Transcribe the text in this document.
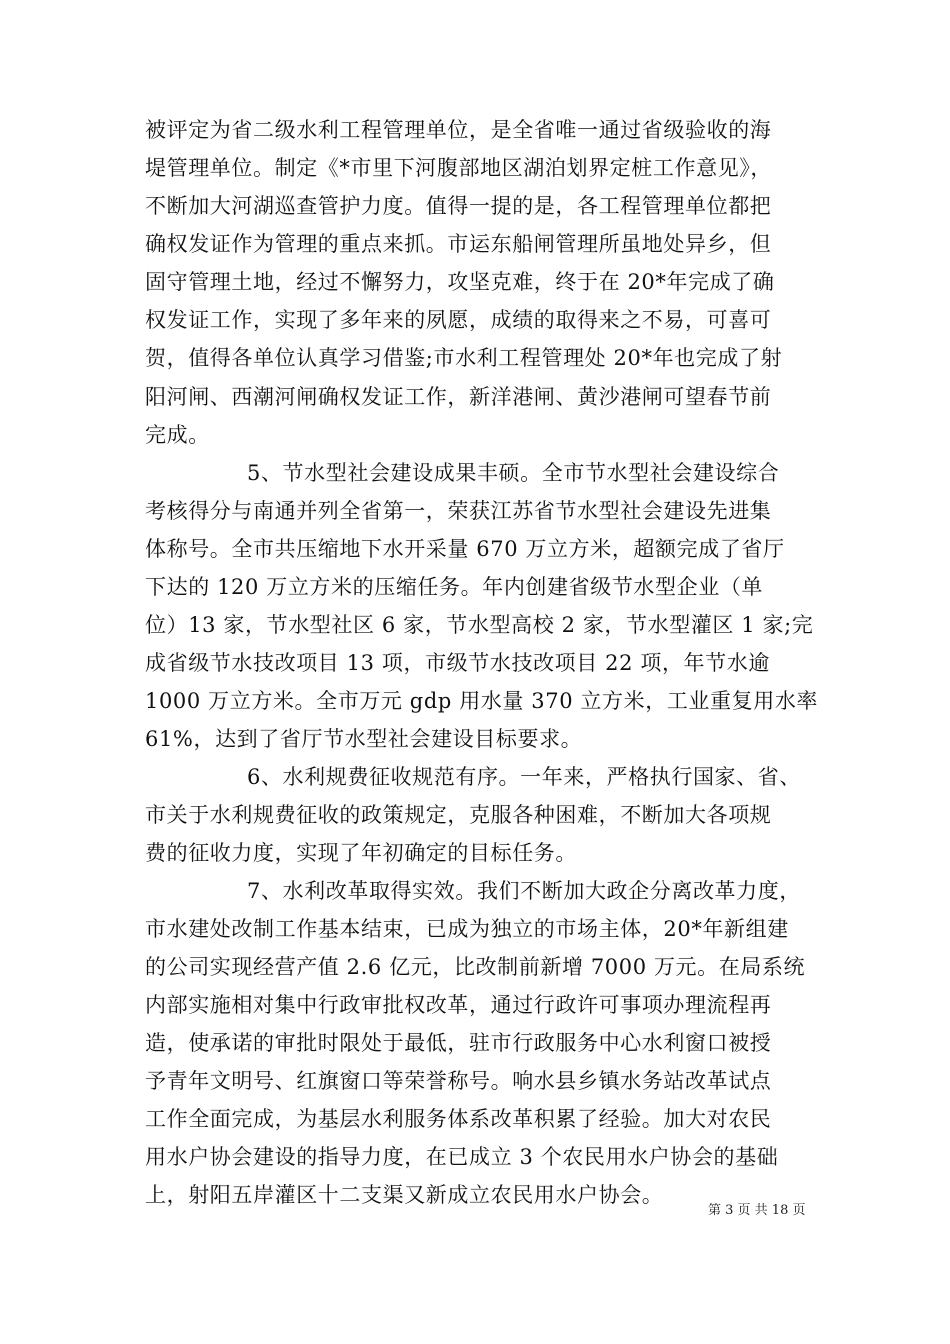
被评定为省二级水利工程管理单位，是全省唯一通过省级验收的海
堤管理单位。制定《*市里下河腹部地区湖泊划界定桩工作意见》，
不断加大河湖巡查管护力度。值得一提的是，各工程管理单位都把
确权发证作为管理的重点来抓。市运东船闸管理所虽地处异乡，但
固守管理土地，经过不懈努力，攻坚克难，终于在 20*年完成了确
权发证工作，实现了多年来的夙愿，成绩的取得来之不易，可喜可
贺，值得各单位认真学习借鉴;市水利工程管理处 20*年也完成了射
阳河闸、西潮河闸确权发证工作，新洋港闸、黄沙港闸可望春节前
完成。
5、节水型社会建设成果丰硕。全市节水型社会建设综合
考核得分与南通并列全省第一，荣获江苏省节水型社会建设先进集
体称号。全市共压缩地下水开采量 670 万立方米，超额完成了省厅
下达的 120 万立方米的压缩任务。年内创建省级节水型企业（单
位）13 家，节水型社区 6 家，节水型高校 2 家，节水型灌区 1 家;完
成省级节水技改项目 13 项，市级节水技改项目 22 项，年节水逾
1000 万立方米。全市万元 gdp 用水量 370 立方米，工业重复用水率
61%，达到了省厅节水型社会建设目标要求。
6、水利规费征收规范有序。一年来，严格执行国家、省、
市关于水利规费征收的政策规定，克服各种困难，不断加大各项规
费的征收力度，实现了年初确定的目标任务。
7、水利改革取得实效。我们不断加大政企分离改革力度，
市水建处改制工作基本结束，已成为独立的市场主体，20*年新组建
的公司实现经营产值 2.6 亿元，比改制前新增 7000 万元。在局系统
内部实施相对集中行政审批权改革，通过行政许可事项办理流程再
造，使承诺的审批时限处于最低，驻市行政服务中心水利窗口被授
予青年文明号、红旗窗口等荣誉称号。响水县乡镇水务站改革试点
工作全面完成，为基层水利服务体系改革积累了经验。加大对农民
用水户协会建设的指导力度，在已成立 3 个农民用水户协会的基础
上，射阳五岸灌区十二支渠又新成立农民用水户协会。
第 3 页 共 18 页
